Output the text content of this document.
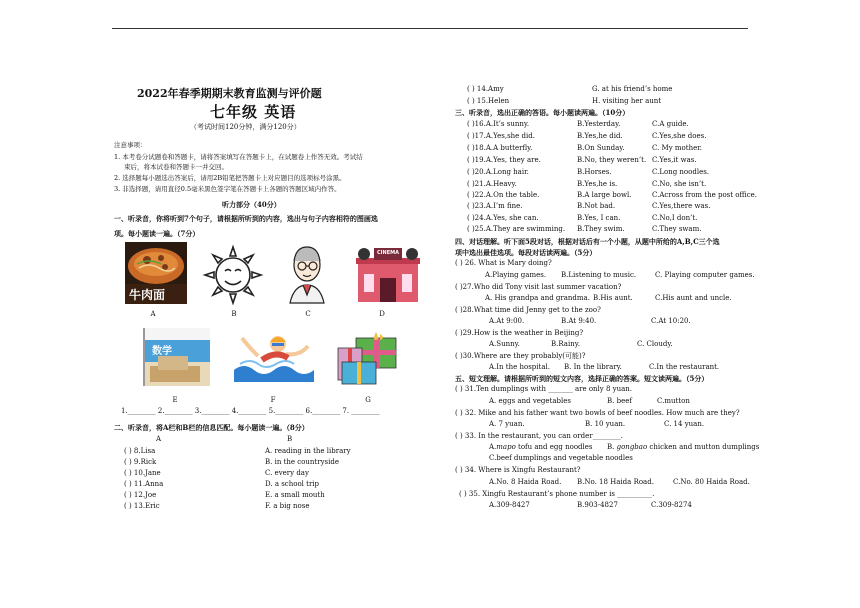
2022年春季期期末教育监测与评价题
七年级 英语
（考试时间120分钟，满分120分）
注意事项：
1. 本考卷分试题卷和答题卡，请将答案填写在答题卡上，在试题卷上作答无效。考试结
束后，将本试卷和答题卡一并交回。
2. 选择题每小题选出答案后，请用2B铅笔把答题卡上对应题目的选项标号涂黑。
3. 非选择题，请用直径0.5毫米黑色签字笔在答题卡上各题的答题区域内作答。
听力部分（40分）
一、听录音，你将听到7个句子，请根据所听到的内容，选出与句子内容相符的图画选
项。每小题读一遍。（7分）
牛肉面
CINEMA
A	B	C	D
数学
E	F	G
1.________ 2.________ 3.________ 4.________ 5.________ 6.________ 7. ________
二、听录音，将A栏和B栏的信息匹配。每小题读一遍。（8分）
A	B
( ) 8.Lisa	A. reading in the library
( ) 9.Rick	B. in the countryside
( ) 10.Jane	C. every day
( ) 11.Anna	D. a school trip
( ) 12.Joe	E. a small mouth
( ) 13.Eric	F. a big nose
( ) 14.Amy	G. at his friend’s home
( ) 15.Helen	H. visiting her aunt
三、听录音，选出正确的答语。每小题读两遍。（10分）
( )16.A.It’s sunny.	B.Yesterday.	C.A guide.
( )17.A.Yes,she did.	B.Yes,he did.	C.Yes,she does.
( )18.A.A butterfly.	B.On Sunday.	C. My mother.
( )19.A.Yes, they are.	B.No, they weren’t. C.Yes,it was.
( )20.A.Long hair.	B.Horses.	C.Long noodles.
( )21.A.Heavy.	B.Yes,he is.	C.No, she isn’t.
( )22.A.On the table.	B.A large bowl.	C.Across from the post office.
( )23.A.I’m fine.	B.Not bad.	C.Yes,there was.
( )24.A.Yes, she can.	B.Yes, I can.	C.No,I don’t.
( )25.A.They are swimming. B.They swim.	C.They swam.
四、对话理解。听下面5段对话，根据对话后有一个小题，从题中所给的A,B,C三个选
项中选出最佳选项。每段对话读两遍。（5分）
( ) 26. What is Mary doing?
A.Playing games. B.Listening to music.	C. Playing computer games.
( )27.Who did Tony visit last summer vacation?
A. His grandpa and grandma. B.His aunt.	C.His aunt and uncle.
( )28.What time did Jenny get to the zoo?
A.At 9:00.	B.At 9:40.	C.At 10:20.
( )29.How is the weather in Beijing?
A.Sunny.	B.Rainy.	C. Cloudy.
( )30.Where are they probably(可能)?
A.In the hospital. B. In the library.	C.In the restaurant.
五、短文理解。请根据所听到的短文内容，选择正确的答案。短文读两遍。（5分）
( ) 31.Ten dumplings with _______ are only 8 yuan.
A. eggs and vegetables	B. beef	C.mutton
( ) 32. Mike and his father want two bowls of beef noodles. How much are they?
A. 7 yuan.	B. 10 yuan.	C. 14 yuan.
( ) 33. In the restaurant, you can order________.
A.mapo tofu and egg noodles B. gongbao chicken and mutton dumplings
C.beef dumplings and vegetable noodles
( ) 34. Where is Xingfu Restaurant?
A.No. 8 Haida Road. B.No. 18 Haida Road.	C.No. 80 Haida Road.
( ) 35. Xingfu Restaurant’s phone number is __________.
A.309-8427	B.903-4827	C.309-8274
